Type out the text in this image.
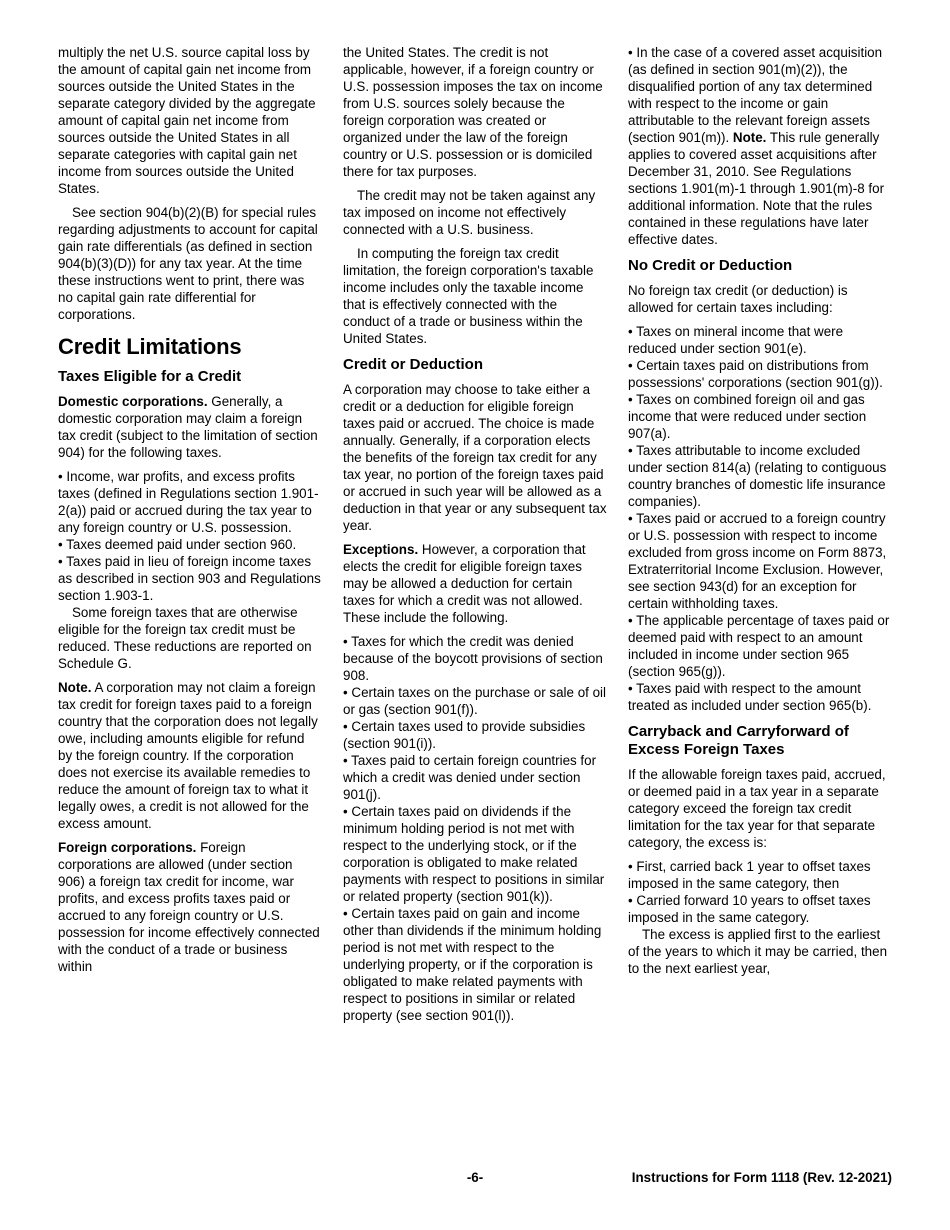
multiply the net U.S. source capital loss by the amount of capital gain net income from sources outside the United States in the separate category divided by the aggregate amount of capital gain net income from sources outside the United States in all separate categories with capital gain net income from sources outside the United States.
See section 904(b)(2)(B) for special rules regarding adjustments to account for capital gain rate differentials (as defined in section 904(b)(3)(D)) for any tax year. At the time these instructions went to print, there was no capital gain rate differential for corporations.
Credit Limitations
Taxes Eligible for a Credit
Domestic corporations. Generally, a domestic corporation may claim a foreign tax credit (subject to the limitation of section 904) for the following taxes.
• Income, war profits, and excess profits taxes (defined in Regulations section 1.901-2(a)) paid or accrued during the tax year to any foreign country or U.S. possession.
• Taxes deemed paid under section 960.
• Taxes paid in lieu of foreign income taxes as described in section 903 and Regulations section 1.903-1.
Some foreign taxes that are otherwise eligible for the foreign tax credit must be reduced. These reductions are reported on Schedule G.
Note. A corporation may not claim a foreign tax credit for foreign taxes paid to a foreign country that the corporation does not legally owe, including amounts eligible for refund by the foreign country. If the corporation does not exercise its available remedies to reduce the amount of foreign tax to what it legally owes, a credit is not allowed for the excess amount.
Foreign corporations. Foreign corporations are allowed (under section 906) a foreign tax credit for income, war profits, and excess profits taxes paid or accrued to any foreign country or U.S. possession for income effectively connected with the conduct of a trade or business within
the United States. The credit is not applicable, however, if a foreign country or U.S. possession imposes the tax on income from U.S. sources solely because the foreign corporation was created or organized under the law of the foreign country or U.S. possession or is domiciled there for tax purposes.
The credit may not be taken against any tax imposed on income not effectively connected with a U.S. business.
In computing the foreign tax credit limitation, the foreign corporation's taxable income includes only the taxable income that is effectively connected with the conduct of a trade or business within the United States.
Credit or Deduction
A corporation may choose to take either a credit or a deduction for eligible foreign taxes paid or accrued. The choice is made annually. Generally, if a corporation elects the benefits of the foreign tax credit for any tax year, no portion of the foreign taxes paid or accrued in such year will be allowed as a deduction in that year or any subsequent tax year.
Exceptions. However, a corporation that elects the credit for eligible foreign taxes may be allowed a deduction for certain taxes for which a credit was not allowed. These include the following.
• Taxes for which the credit was denied because of the boycott provisions of section 908.
• Certain taxes on the purchase or sale of oil or gas (section 901(f)).
• Certain taxes used to provide subsidies (section 901(i)).
• Taxes paid to certain foreign countries for which a credit was denied under section 901(j).
• Certain taxes paid on dividends if the minimum holding period is not met with respect to the underlying stock, or if the corporation is obligated to make related payments with respect to positions in similar or related property (section 901(k)).
• Certain taxes paid on gain and income other than dividends if the minimum holding period is not met with respect to the underlying property, or if the corporation is obligated to make related payments with respect to positions in similar or related property (see section 901(l)).
• In the case of a covered asset acquisition (as defined in section 901(m)(2)), the disqualified portion of any tax determined with respect to the income or gain attributable to the relevant foreign assets (section 901(m)). Note. This rule generally applies to covered asset acquisitions after December 31, 2010. See Regulations sections 1.901(m)-1 through 1.901(m)-8 for additional information. Note that the rules contained in these regulations have later effective dates.
No Credit or Deduction
No foreign tax credit (or deduction) is allowed for certain taxes including:
• Taxes on mineral income that were reduced under section 901(e).
• Certain taxes paid on distributions from possessions' corporations (section 901(g)).
• Taxes on combined foreign oil and gas income that were reduced under section 907(a).
• Taxes attributable to income excluded under section 814(a) (relating to contiguous country branches of domestic life insurance companies).
• Taxes paid or accrued to a foreign country or U.S. possession with respect to income excluded from gross income on Form 8873, Extraterritorial Income Exclusion. However, see section 943(d) for an exception for certain withholding taxes.
• The applicable percentage of taxes paid or deemed paid with respect to an amount included in income under section 965 (section 965(g)).
• Taxes paid with respect to the amount treated as included under section 965(b).
Carryback and Carryforward of Excess Foreign Taxes
If the allowable foreign taxes paid, accrued, or deemed paid in a tax year in a separate category exceed the foreign tax credit limitation for the tax year for that separate category, the excess is:
• First, carried back 1 year to offset taxes imposed in the same category, then
• Carried forward 10 years to offset taxes imposed in the same category.
The excess is applied first to the earliest of the years to which it may be carried, then to the next earliest year,
-6-	Instructions for Form 1118 (Rev. 12-2021)
